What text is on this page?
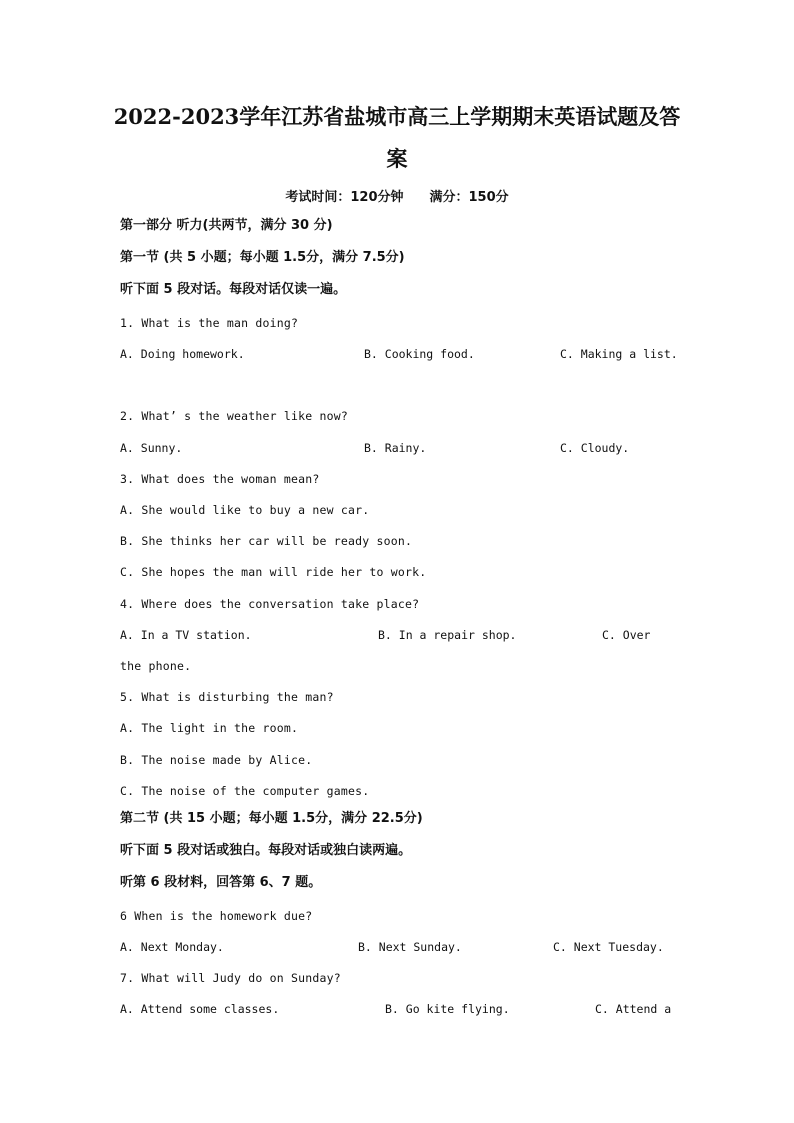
2022-2023学年江苏省盐城市高三上学期期末英语试题及答
案
考试时间：120分钟 满分：150分
第一部分 听力(共两节，满分 30 分)
第一节 (共 5 小题；每小题 1.5分，满分 7.5分)
听下面 5 段对话。每段对话仅读一遍。
1. What is the man doing?
A. Doing homework.	B. Cooking food.	C. Making a list.
2. What’ s the weather like now?
A. Sunny.	B. Rainy.	C. Cloudy.
3. What does the woman mean?
A. She would like to buy a new car.
B. She thinks her car will be ready soon.
C. She hopes the man will ride her to work.
4. Where does the conversation take place?
A. In a TV station.	B. In a repair shop.	C. Over
the phone.
5. What is disturbing the man?
A. The light in the room.
B. The noise made by Alice.
C. The noise of the computer games.
第二节 (共 15 小题；每小题 1.5分，满分 22.5分)
听下面 5 段对话或独白。每段对话或独白读两遍。
听第 6 段材料，回答第 6、7 题。
6 When is the homework due?
A. Next Monday.	B. Next Sunday.	C. Next Tuesday.
7. What will Judy do on Sunday?
A. Attend some classes.	B. Go kite flying.	C. Attend a
